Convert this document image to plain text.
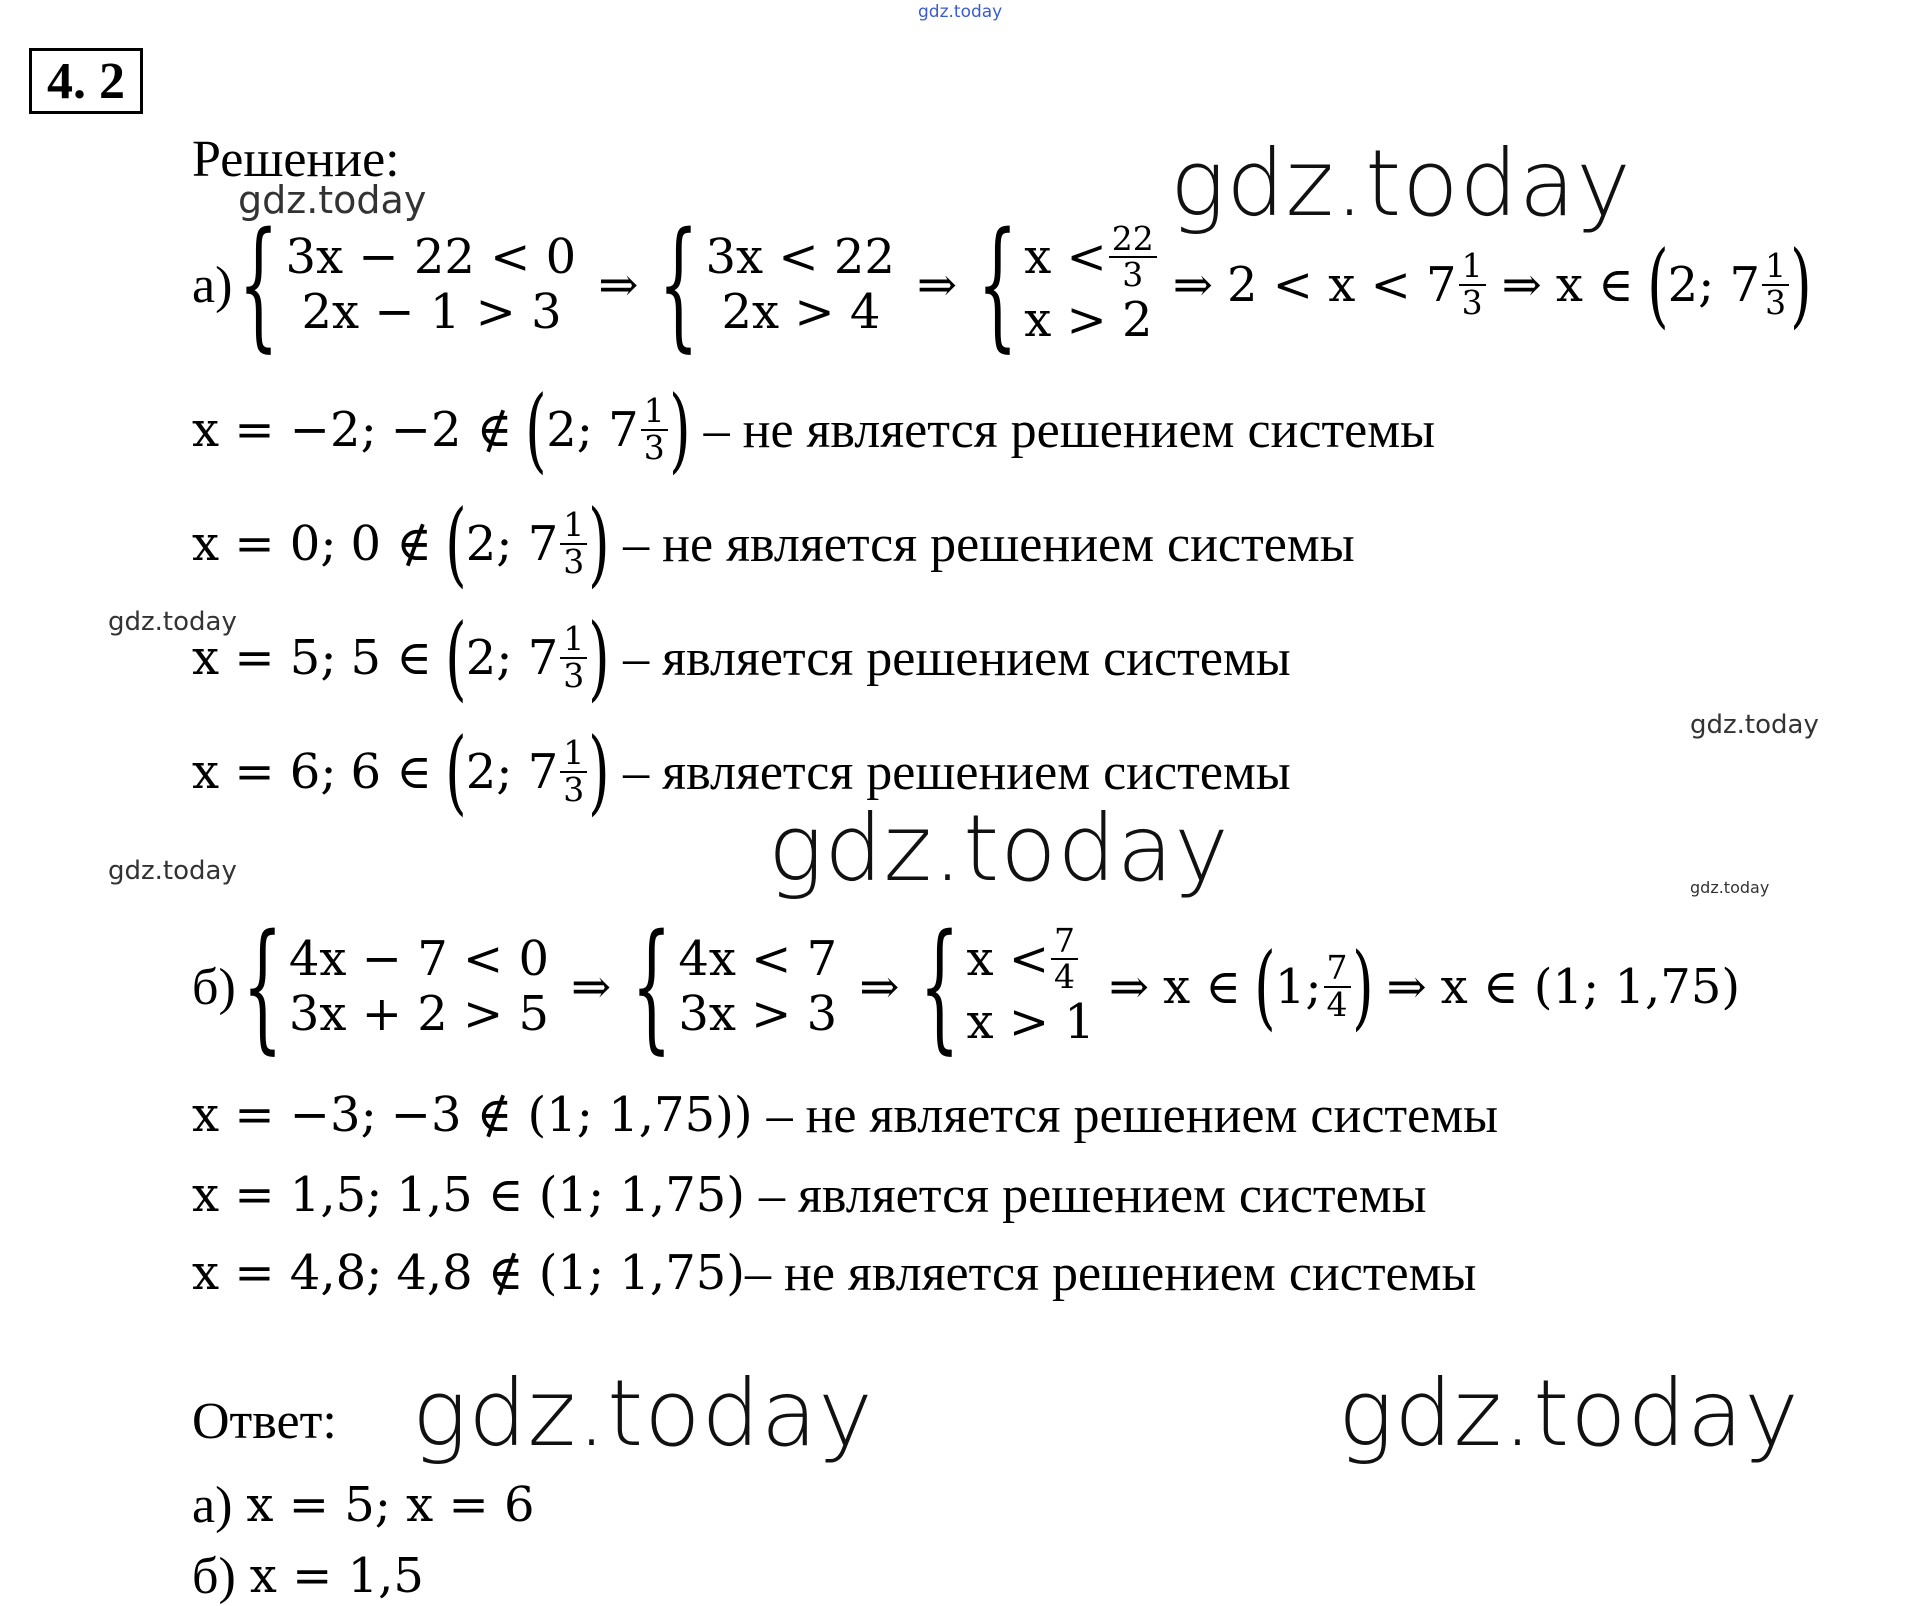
gdz.today
gdz.today
gdz.today
gdz.today
gdz.today
gdz.today
gdz.today
gdz.today
gdz.today	gdz.today
4. 2
Решение:
а) { 3x − 22 < 0
2x − 1 > 3 ⇒ { 3x < 22
2x > 4 ⇒ { $x < \frac{22}{3}$
x > 2
⇒ $2 < x < 7 \frac{1}{3}$ ⇒ x ∈ ( 2; $7 \frac{1}{3}$ )
x = −2; −2 ∉ ( 2; $7 \frac{1}{3}$ ) – не является решением системы
x = 0; 0 ∉ ( 2; $7 \frac{1}{3}$ ) – не является решением системы
x = 5; 5 ∈ ( 2; $7 \frac{1}{3}$ ) – является решением системы
x = 6; 6 ∈ ( 2; $7 \frac{1}{3}$ ) – является решением системы
б) { 4x − 7 < 0
3x + 2 > 5 ⇒ { 4x < 7
3x > 3 ⇒ { $x < \frac{7}{4}$
x > 1
⇒ x ∈ ( 1; $\frac{7}{4}$ ) ⇒ x ∈ (1; 1,75)
x = −3; −3 ∉ (1; 1,75)) – не является решением системы
x = 1,5; 1,5 ∈ (1; 1,75) – является решением системы
x = 4,8; 4,8 ∉ (1; 1,75) – не является решением системы
Ответ:
а) x = 5; x = 6
б) x = 1,5
